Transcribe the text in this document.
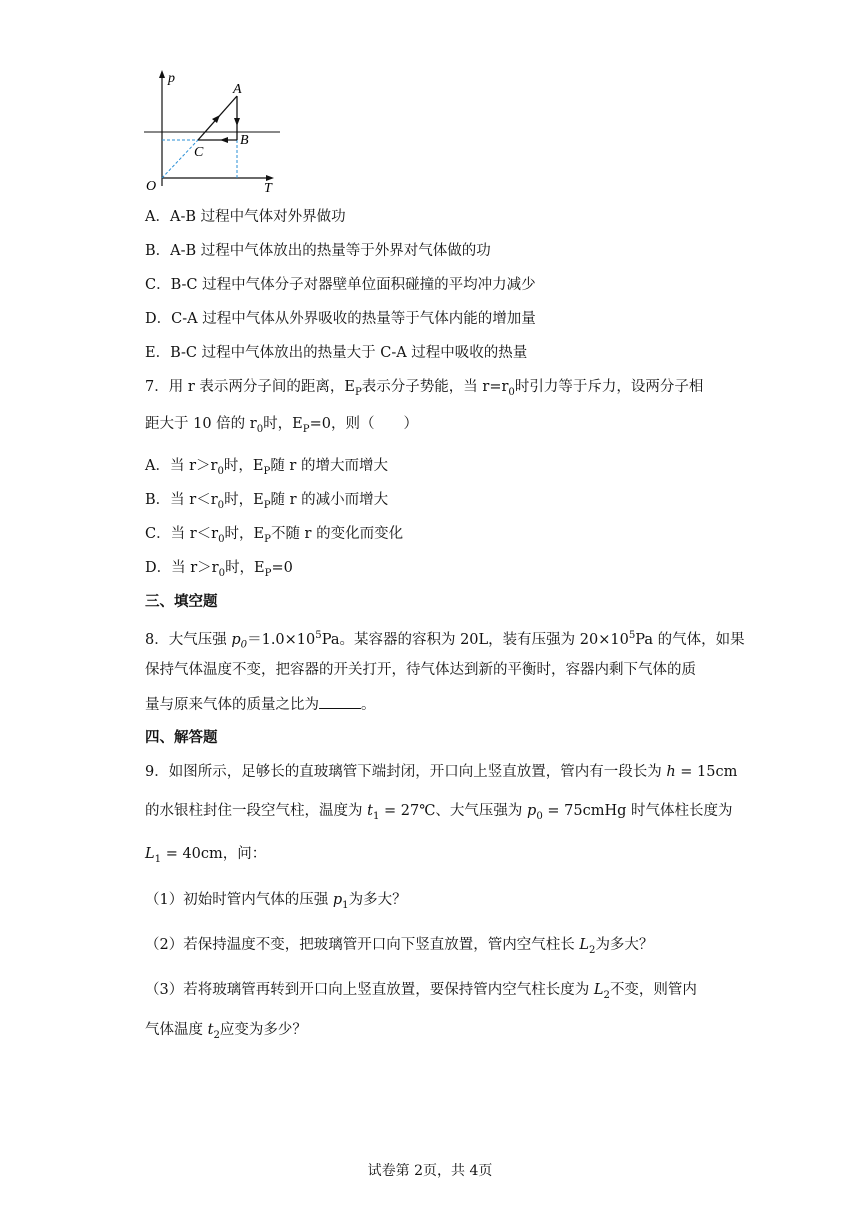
p
A
B
C
O	T
A．A-B 过程中气体对外界做功
B．A-B 过程中气体放出的热量等于外界对气体做的功
C．B-C 过程中气体分子对器壁单位面积碰撞的平均冲力减少
D．C-A 过程中气体从外界吸收的热量等于气体内能的增加量
E．B-C 过程中气体放出的热量大于 C-A 过程中吸收的热量
7．用 r 表示两分子间的距离，$E_P$表示分子势能，当 $r=r_0$时引力等于斥力，设两分子相
距大于 10 倍的 $r_0$时，$E_P=0$，则（　　）
A．当 $r>r_0$时，$E_P$随 r 的增大而增大
B．当 $r<r_0$时，$E_P$随 r 的减小而增大
C．当 $r<r_0$时，$E_P$不随 r 的变化而变化
D．当 $r>r_0$时，$E_P=0$
三、填空题
8．大气压强 $p_0=1.0\times 10^5Pa$。某容器的容积为 20L，装有压强为 $20\times 10^5Pa$ 的气体，如果
保持气体温度不变，把容器的开关打开，待气体达到新的平衡时，容器内剩下气体的质
量与原来气体的质量之比为	。
四、解答题
9．如图所示，足够长的直玻璃管下端封闭，开口向上竖直放置，管内有一段长为 h = 15cm
的水银柱封住一段空气柱，温度为 $t_1$ = 27℃、大气压强为 $p_0$ = 75cmHg 时气体柱长度为
$L_1 = 40cm$，问：
（1）初始时管内气体的压强 $p_1$为多大？
（2）若保持温度不变，把玻璃管开口向下竖直放置，管内空气柱长 $L_2$为多大？
（3）若将玻璃管再转到开口向上竖直放置，要保持管内空气柱长度为 $L_2$不变，则管内
气体温度 $t_2$应变为多少？
试卷第 2页，共 4页
